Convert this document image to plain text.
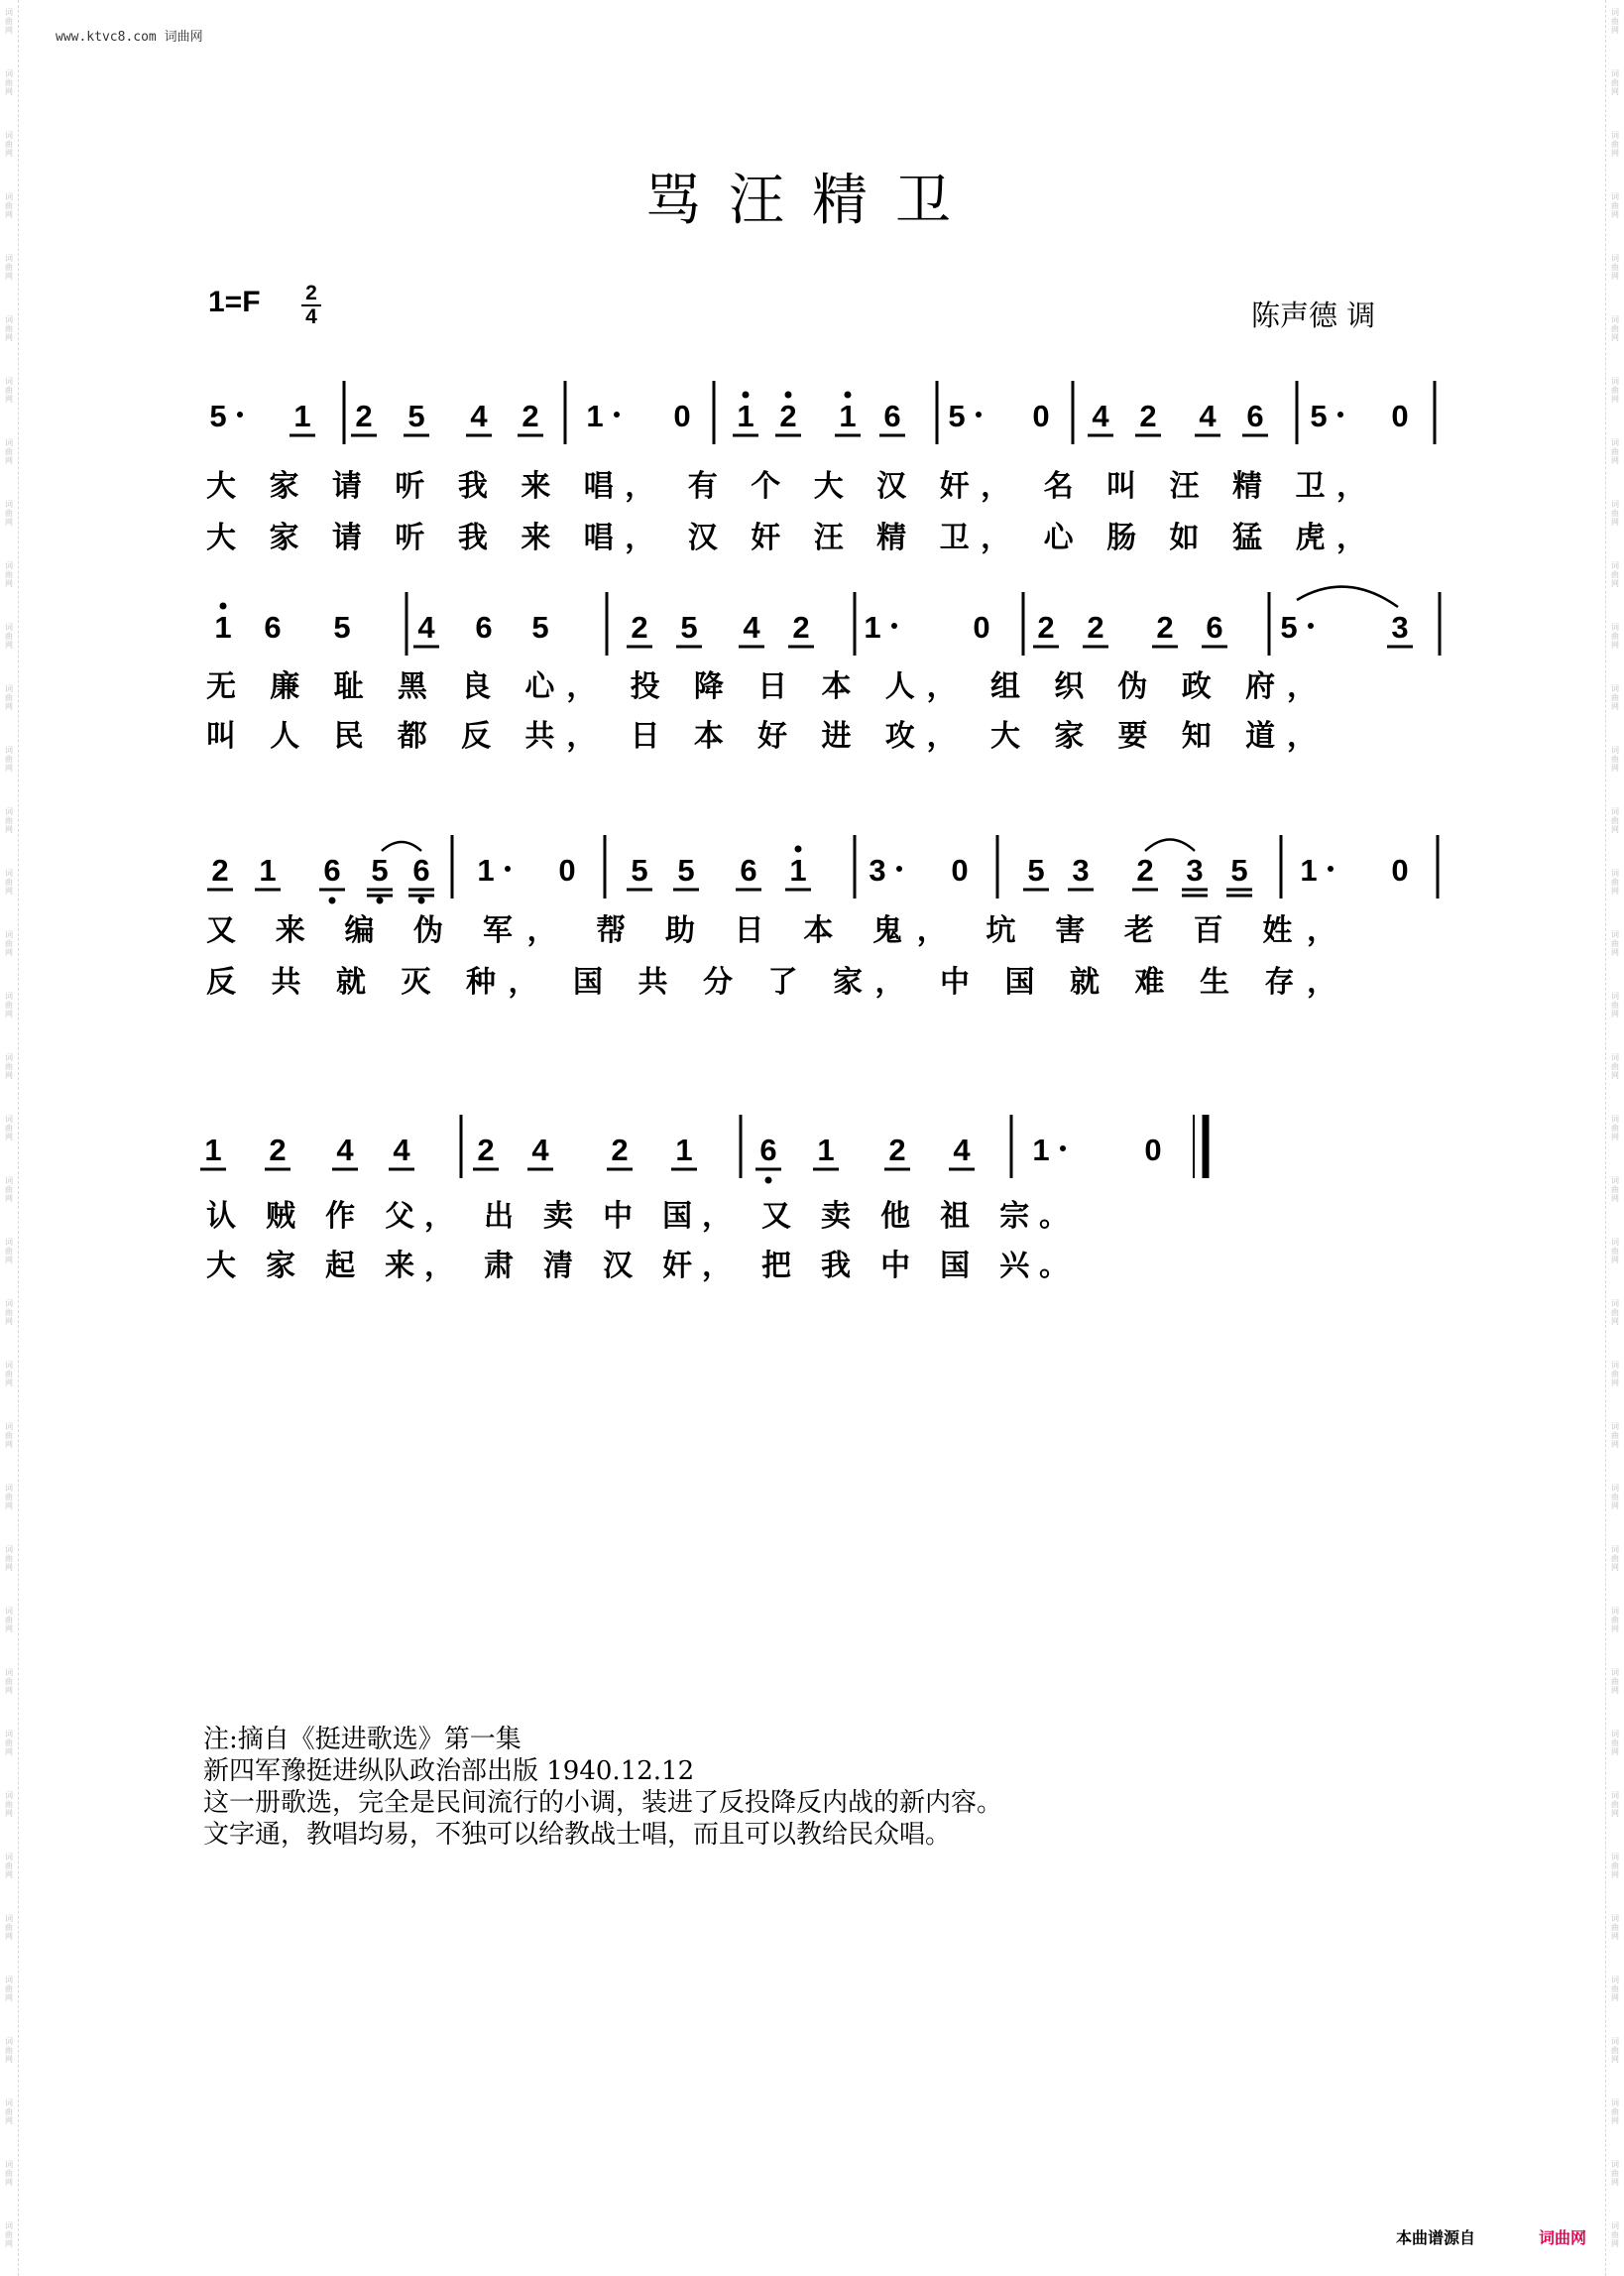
词
曲
网
词
曲
网
词
曲
网
词
曲
网
词
曲
网
词
曲
网
词
曲
网
词
曲
网
词
曲
网
词
曲
网
词
曲
网
词
曲
网
词
曲
网
词
曲
网
词
曲
网
词
曲
网
词
曲
网
词
曲
网
词
曲
网
词
曲
网
词
曲
网
词
曲
网
词
曲
网
词
曲
网
词
曲
网
词
曲
网
词
曲
网
词
曲
网
词
曲
网
词
曲
网
词
曲
网
词
曲
网
词
曲
网
词
曲
网
词
曲
网
词
曲
网
词
曲
网
词
曲
网
词
曲
网
词
曲
网
词
曲
网
词
曲
网
词
曲
网
词
曲
网
词
曲
网
词
曲
网
词
曲
网
词
曲
网
词
曲
网
词
曲
网
词
曲
网
词
曲
网
词
曲
网
词
曲
网
词
曲
网
词
曲
网
词
曲
网
词
曲
网
词
曲
网
词
曲
网
词
曲
网
词
曲
网
词
曲
网
词
曲
网
词
曲
网
词
曲
网
词
曲
网
词
曲
网
词
曲
网
词
曲
网
词
曲
网
词
曲
网
词
曲
网
词
曲
网
www.ktvc8.com 词曲网
骂汪精卫
1=F 2
4	陈声德 调
5 1 2 5 4 2 1 0 1 2 1 6 5 0 4 2 4 6 5 0
大 家 请 听 我 来 唱， 有 个 大 汉 奸， 名 叫 汪 精 卫，
大 家 请 听 我 来 唱， 汉 奸 汪 精 卫， 心 肠 如 猛 虎，
1 6 5 4 6 5	2 5 4 2 1	0 2 2 2 6 5	3
无 廉 耻 黑 良 心， 投 降 日 本 人， 组 织 伪 政 府，
叫 人 民 都 反 共， 日 本 好 进 攻， 大 家 要 知 道，
2 1 6 5 6 1 0 5 5 6 1 3 0 5 3 2 3 5 1 0
又 来 编 伪 军， 帮 助 日 本 鬼， 坑 害 老 百 姓，
反 共 就 灭 种， 国 共 分 了 家， 中 国 就 难 生 存，
1 2 4 4 2 4 2 1 6 1 2 4 1	0
认 贼 作 父， 出 卖 中 国， 又 卖 他 祖 宗。
大 家 起 来， 肃 清 汉 奸， 把 我 中 国 兴。
注:摘自《挺进歌选》第一集
新四军豫挺进纵队政治部出版 1940.12.12
这一册歌选，完全是民间流行的小调，装进了反投降反内战的新内容。
文字通，教唱均易，不独可以给教战士唱，而且可以教给民众唱。
本曲谱源自	词曲网
